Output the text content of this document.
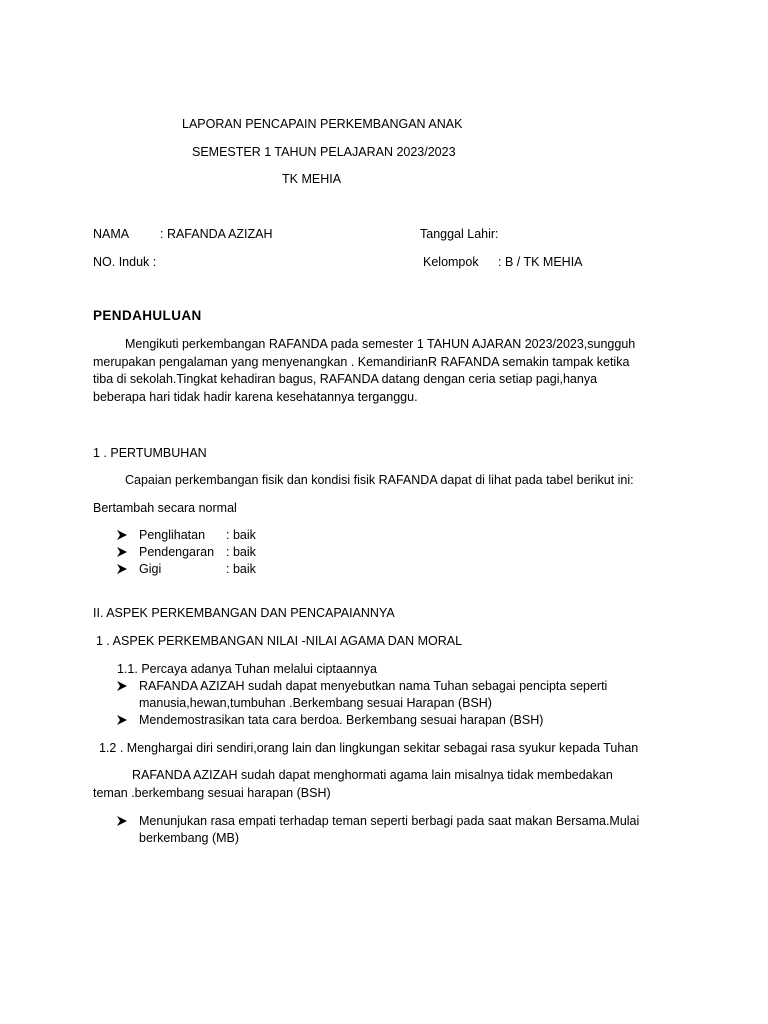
LAPORAN PENCAPAIN PERKEMBANGAN ANAK
SEMESTER 1 TAHUN PELAJARAN 2023/2023
TK MEHIA
NAMA : RAFANDA AZIZAH	Tanggal Lahir:
NO. Induk :	Kelompok : B / TK MEHIA
PENDAHULUAN
Mengikuti perkembangan RAFANDA pada semester 1 TAHUN AJARAN 2023/2023,sungguh
merupakan pengalaman yang menyenangkan . KemandirianR RAFANDA semakin tampak ketika
tiba di sekolah.Tingkat kehadiran bagus, RAFANDA datang dengan ceria setiap pagi,hanya
beberapa hari tidak hadir karena kesehatannya terganggu.
1 . PERTUMBUHAN
Capaian perkembangan fisik dan kondisi fisik RAFANDA dapat di lihat pada tabel berikut ini:
Bertambah secara normal
Penglihatan : baik
Pendengaran : baik
Gigi	: baik
II. ASPEK PERKEMBANGAN DAN PENCAPAIANNYA
1 . ASPEK PERKEMBANGAN NILAI -NILAI AGAMA DAN MORAL
1.1. Percaya adanya Tuhan melalui ciptaannya
RAFANDA AZIZAH sudah dapat menyebutkan nama Tuhan sebagai pencipta seperti
manusia,hewan,tumbuhan .Berkembang sesuai Harapan (BSH)
Mendemostrasikan tata cara berdoa. Berkembang sesuai harapan (BSH)
1.2 . Menghargai diri sendiri,orang lain dan lingkungan sekitar sebagai rasa syukur kepada Tuhan
RAFANDA AZIZAH sudah dapat menghormati agama lain misalnya tidak membedakan
teman .berkembang sesuai harapan (BSH)
Menunjukan rasa empati terhadap teman seperti berbagi pada saat makan Bersama.Mulai
berkembang (MB)
